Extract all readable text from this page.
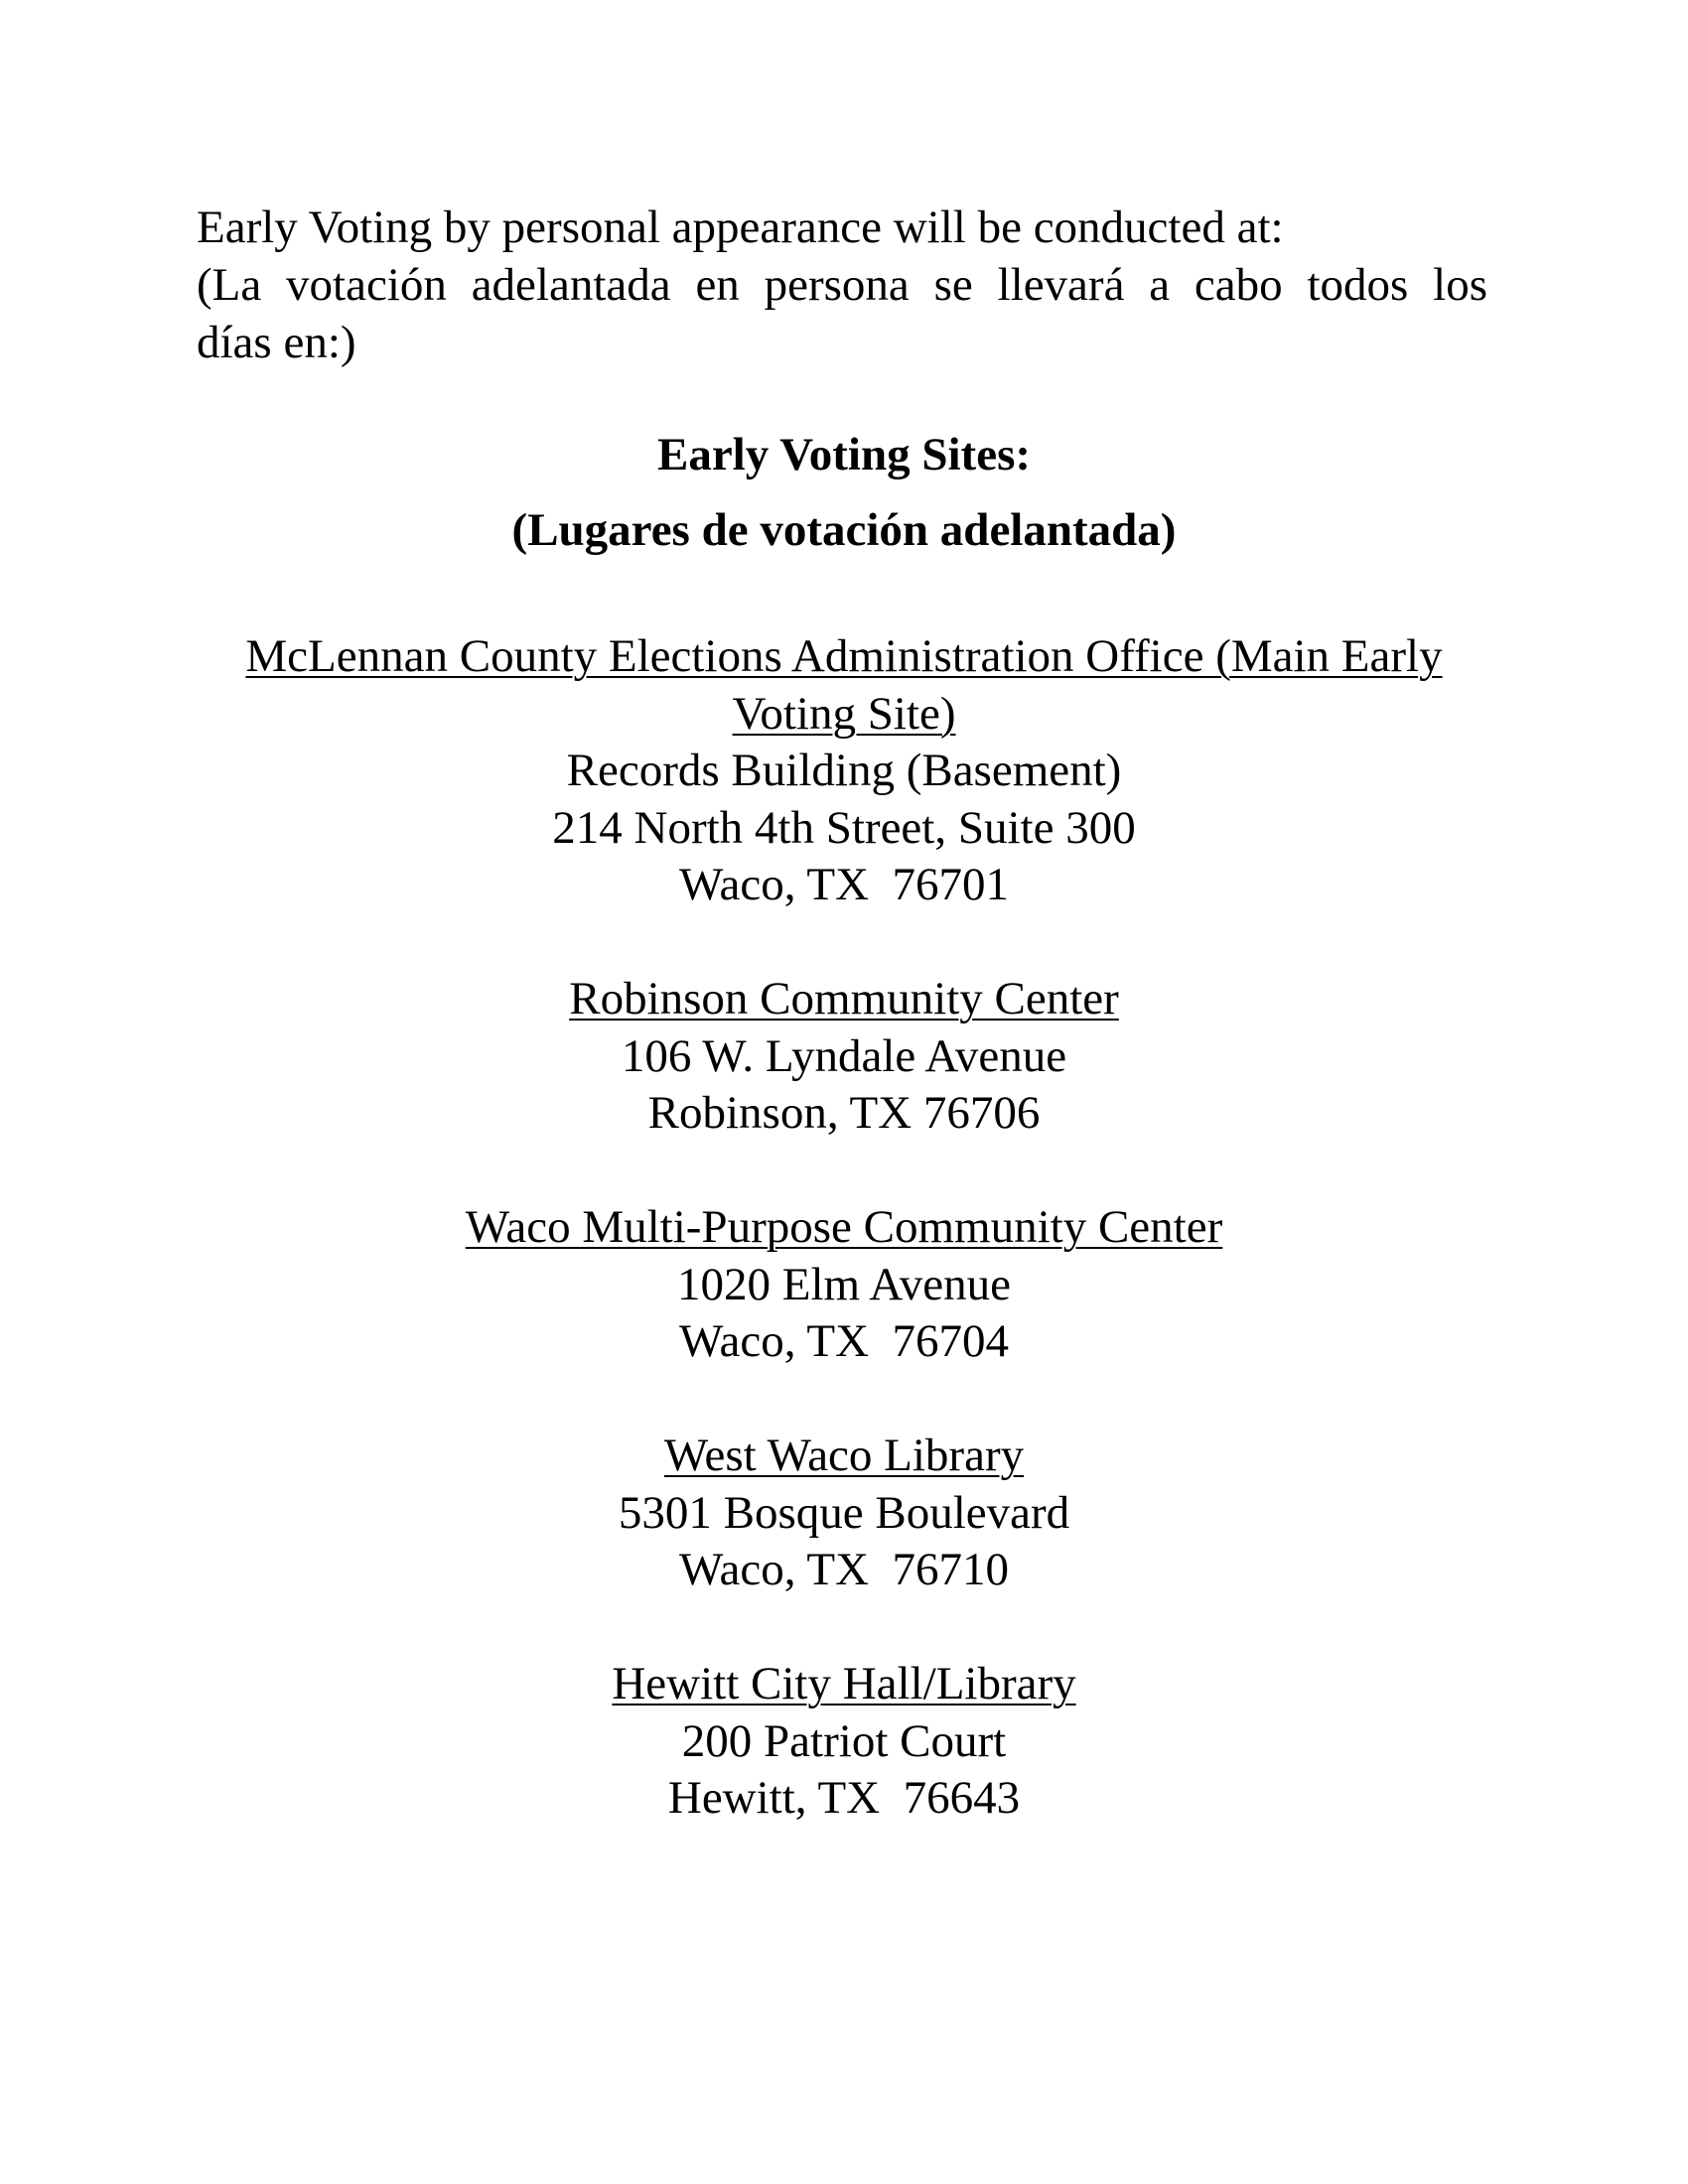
Early Voting by personal appearance will be conducted at:
(La votación adelantada en persona se llevará a cabo todos los
días en:)
Early Voting Sites:
(Lugares de votación adelantada)
McLennan County Elections Administration Office (Main Early Voting Site)
Records Building (Basement)
214 North 4th Street, Suite 300
Waco, TX  76701
Robinson Community Center
106 W. Lyndale Avenue
Robinson, TX 76706
Waco Multi-Purpose Community Center
1020 Elm Avenue
Waco, TX  76704
West Waco Library
5301 Bosque Boulevard
Waco, TX  76710
Hewitt City Hall/Library
200 Patriot Court
Hewitt, TX  76643
